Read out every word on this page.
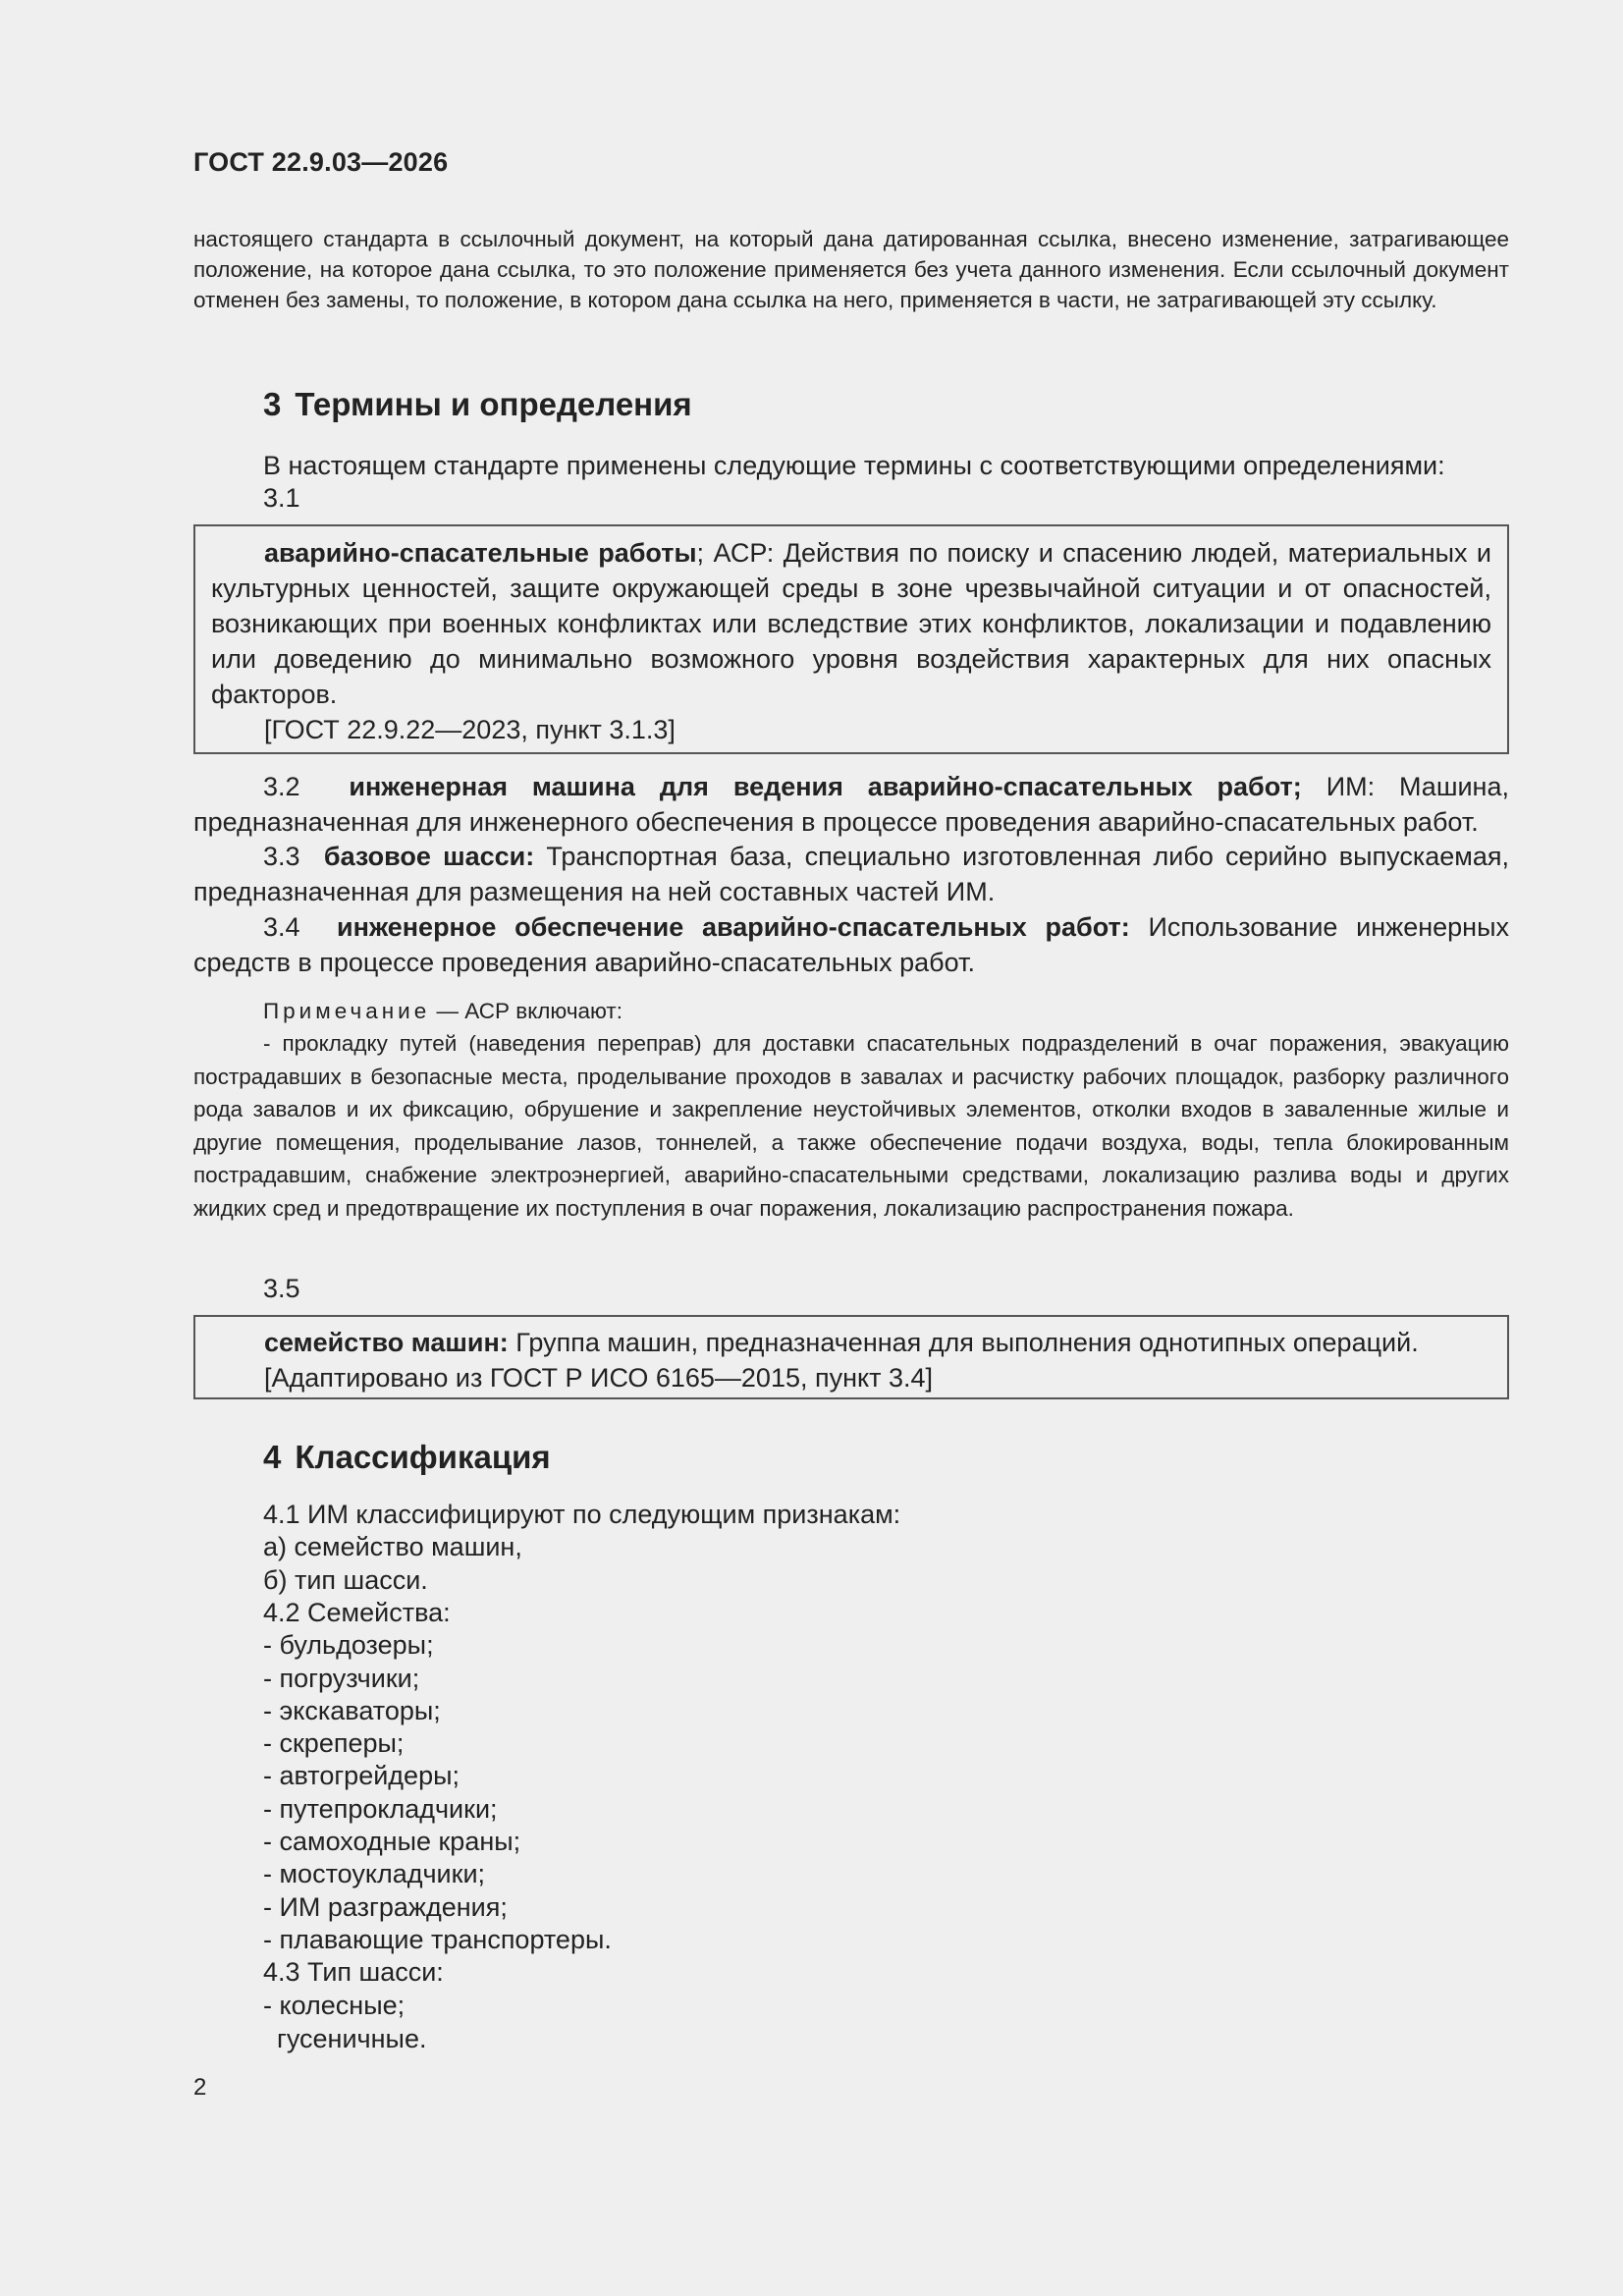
ГОСТ 22.9.03—2026
настоящего стандарта в ссылочный документ, на который дана датированная ссылка, внесено изменение, затрагивающее положение, на которое дана ссылка, то это положение применяется без учета данного изменения. Если ссылочный документ отменен без замены, то положение, в котором дана ссылка на него, применяется в части, не затрагивающей эту ссылку.
3 Термины и определения
В настоящем стандарте применены следующие термины с соответствующими определениями:
3.1
аварийно-спасательные работы; АСР: Действия по поиску и спасению людей, материальных и культурных ценностей, защите окружающей среды в зоне чрезвычайной ситуации и от опасностей, возникающих при военных конфликтах или вследствие этих конфликтов, локализации и подавлению или доведению до минимально возможного уровня воздействия характерных для них опасных факторов.
[ГОСТ 22.9.22—2023, пункт 3.1.3]
3.2 инженерная машина для ведения аварийно-спасательных работ; ИМ: Машина, предназначенная для инженерного обеспечения в процессе проведения аварийно-спасательных работ.
3.3 базовое шасси: Транспортная база, специально изготовленная либо серийно выпускаемая, предназначенная для размещения на ней составных частей ИМ.
3.4 инженерное обеспечение аварийно-спасательных работ: Использование инженерных средств в процессе проведения аварийно-спасательных работ.
Примечание — АСР включают:
- прокладку путей (наведения переправ) для доставки спасательных подразделений в очаг поражения, эвакуацию пострадавших в безопасные места, проделывание проходов в завалах и расчистку рабочих площадок, разборку различного рода завалов и их фиксацию, обрушение и закрепление неустойчивых элементов, отколки входов в заваленные жилые и другие помещения, проделывание лазов, тоннелей, а также обеспечение подачи воздуха, воды, тепла блокированным пострадавшим, снабжение электроэнергией, аварийно-спасательными средствами, локализацию разлива воды и других жидких сред и предотвращение их поступления в очаг поражения, локализацию распространения пожара.
3.5
семейство машин: Группа машин, предназначенная для выполнения однотипных операций.
[Адаптировано из ГОСТ Р ИСО 6165—2015, пункт 3.4]
4 Классификация
4.1 ИМ классифицируют по следующим признакам:
а) семейство машин,
б) тип шасси.
4.2 Семейства:
- бульдозеры;
- погрузчики;
- экскаваторы;
- скреперы;
- автогрейдеры;
- путепрокладчики;
- самоходные краны;
- мостоукладчики;
- ИМ разграждения;
- плавающие транспортеры.
4.3 Тип шасси:
- колесные;
гусеничные.
2
